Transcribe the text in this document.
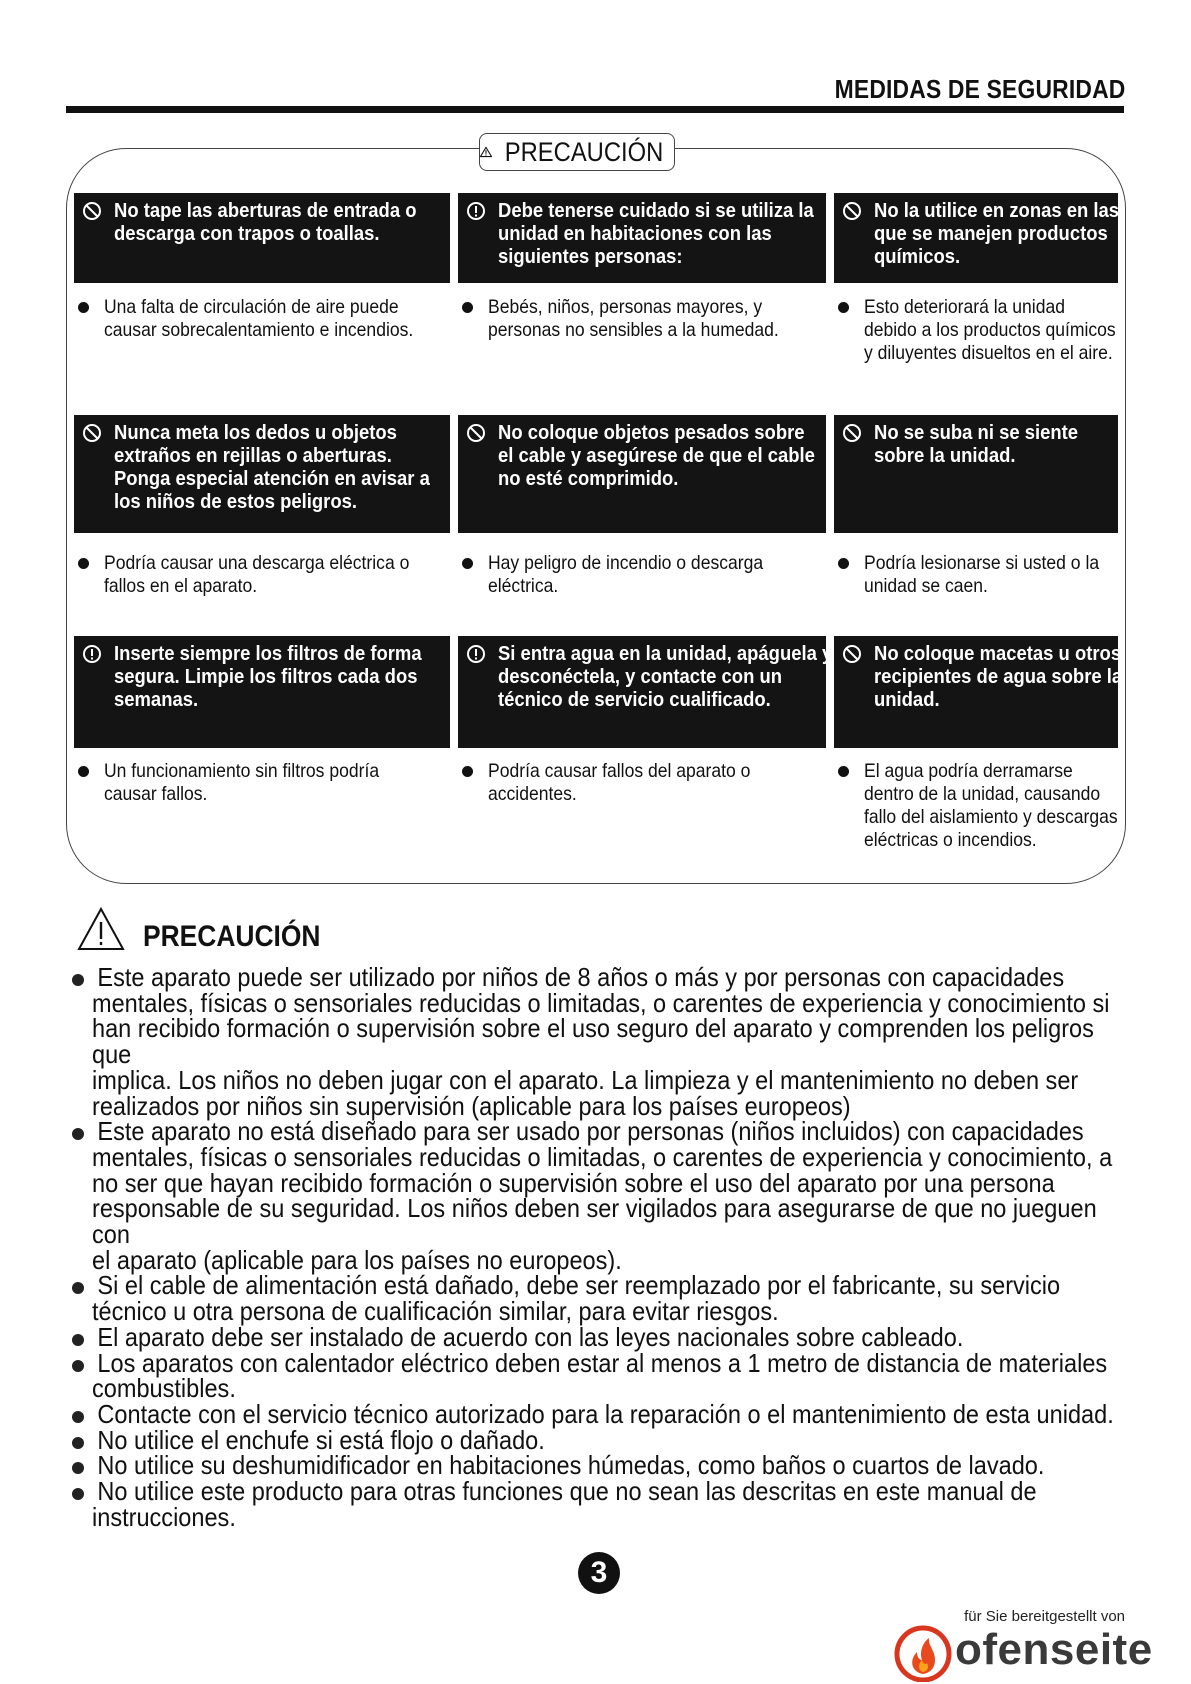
MEDIDAS DE SEGURIDAD
PRECAUCIÓN
No tape las aberturas de entrada o
descarga con trapos o toallas.
Una falta de circulación de aire puede
causar sobrecalentamiento e incendios.
Debe tenerse cuidado si se utiliza la
unidad en habitaciones con las
siguientes personas:
Bebés, niños, personas mayores, y
personas no sensibles a la humedad.
No la utilice en zonas en las
que se manejen productos
químicos.
Esto deteriorará la unidad
debido a los productos químicos
y diluyentes disueltos en el aire.
Nunca meta los dedos u objetos
extraños en rejillas o aberturas.
Ponga especial atención en avisar a
los niños de estos peligros.
Podría causar una descarga eléctrica o
fallos en el aparato.
No coloque objetos pesados sobre
el cable y asegúrese de que el cable
no esté comprimido.
Hay peligro de incendio o descarga
eléctrica.
No se suba ni se siente
sobre la unidad.
Podría lesionarse si usted o la
unidad se caen.
Inserte siempre los filtros de forma
segura. Limpie los filtros cada dos
semanas.
Un funcionamiento sin filtros podría
causar fallos.
Si entra agua en la unidad, apáguela y
desconéctela, y contacte con un
técnico de servicio cualificado.
Podría causar fallos del aparato o
accidentes.
No coloque macetas u otros
recipientes de agua sobre la
unidad.
El agua podría derramarse
dentro de la unidad, causando
fallo del aislamiento y descargas
eléctricas o incendios.
PRECAUCIÓN
Este aparato puede ser utilizado por niños de 8 años o más y por personas con capacidades
mentales, físicas o sensoriales reducidas o limitadas, o carentes de experiencia y conocimiento si
han recibido formación o supervisión sobre el uso seguro del aparato y comprenden los peligros que
implica. Los niños no deben jugar con el aparato. La limpieza y el mantenimiento no deben ser
realizados por niños sin supervisión (aplicable para los países europeos)
Este aparato no está diseñado para ser usado por personas (niños incluidos) con capacidades
mentales, físicas o sensoriales reducidas o limitadas, o carentes de experiencia y conocimiento, a
no ser que hayan recibido formación o supervisión sobre el uso del aparato por una persona
responsable de su seguridad. Los niños deben ser vigilados para asegurarse de que no jueguen con
el aparato (aplicable para los países no europeos).
Si el cable de alimentación está dañado, debe ser reemplazado por el fabricante, su servicio
técnico u otra persona de cualificación similar, para evitar riesgos.
El aparato debe ser instalado de acuerdo con las leyes nacionales sobre cableado.
Los aparatos con calentador eléctrico deben estar al menos a 1 metro de distancia de materiales
combustibles.
Contacte con el servicio técnico autorizado para la reparación o el mantenimiento de esta unidad.
No utilice el enchufe si está flojo o dañado.
No utilice su deshumidificador en habitaciones húmedas, como baños o cuartos de lavado.
No utilice este producto para otras funciones que no sean las descritas en este manual de
instrucciones.
3
für Sie bereitgestellt von
ofenseite
